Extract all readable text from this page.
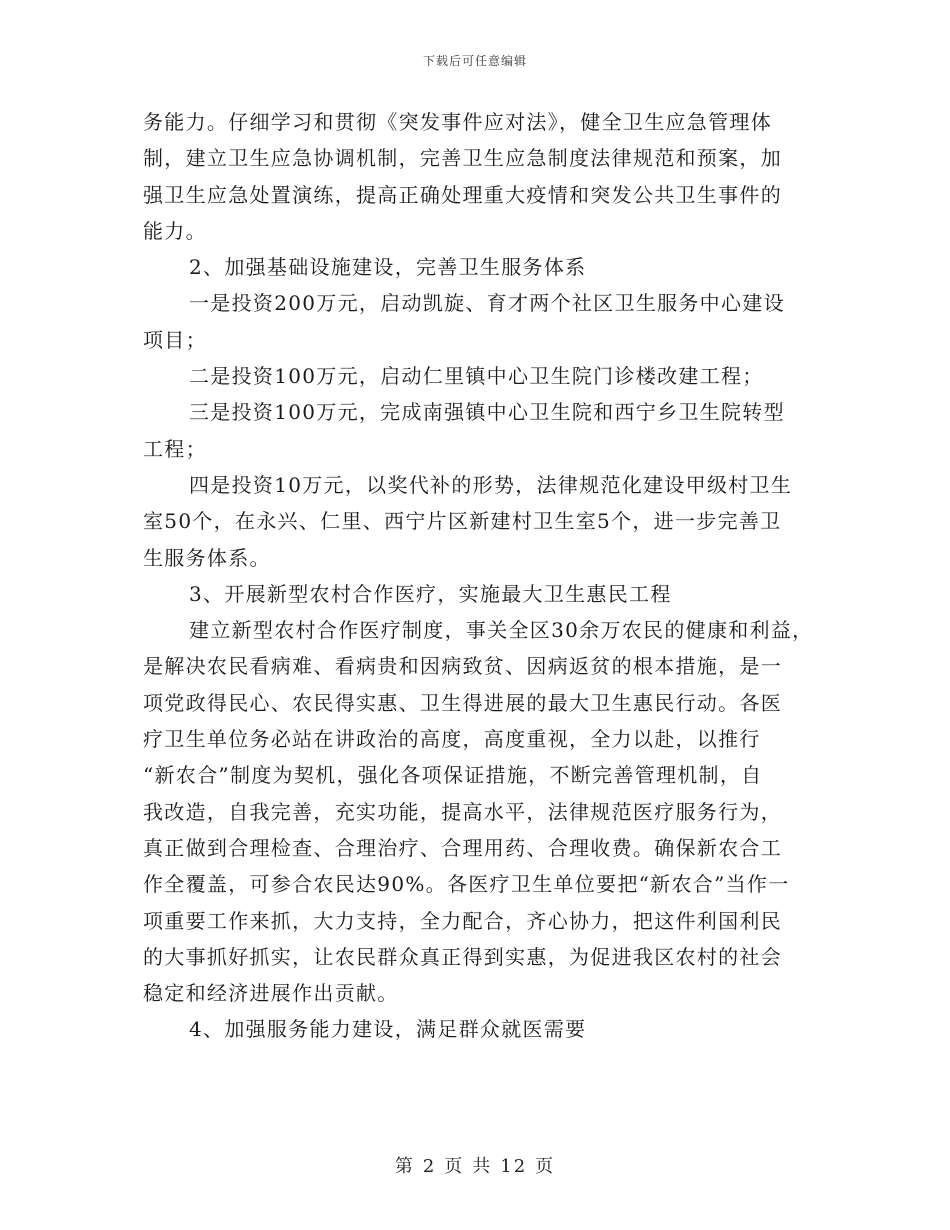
下载后可任意编辑
务能力。仔细学习和贯彻《突发事件应对法》，健全卫生应急管理体
制，建立卫生应急协调机制，完善卫生应急制度法律规范和预案，加
强卫生应急处置演练，提高正确处理重大疫情和突发公共卫生事件的
能力。
2、加强基础设施建设，完善卫生服务体系
一是投资200万元，启动凯旋、育才两个社区卫生服务中心建设
项目；
二是投资100万元，启动仁里镇中心卫生院门诊楼改建工程；
三是投资100万元，完成南强镇中心卫生院和西宁乡卫生院转型
工程；
四是投资10万元，以奖代补的形势，法律规范化建设甲级村卫生
室50个，在永兴、仁里、西宁片区新建村卫生室5个，进一步完善卫
生服务体系。
3、开展新型农村合作医疗，实施最大卫生惠民工程
建立新型农村合作医疗制度，事关全区30余万农民的健康和利益，
是解决农民看病难、看病贵和因病致贫、因病返贫的根本措施，是一
项党政得民心、农民得实惠、卫生得进展的最大卫生惠民行动。各医
疗卫生单位务必站在讲政治的高度，高度重视，全力以赴，以推行
“新农合”制度为契机，强化各项保证措施，不断完善管理机制，自
我改造，自我完善，充实功能，提高水平，法律规范医疗服务行为，
真正做到合理检查、合理治疗、合理用药、合理收费。确保新农合工
作全覆盖，可参合农民达90%。各医疗卫生单位要把“新农合”当作一
项重要工作来抓，大力支持，全力配合，齐心协力，把这件利国利民
的大事抓好抓实，让农民群众真正得到实惠，为促进我区农村的社会
稳定和经济进展作出贡献。
4、加强服务能力建设，满足群众就医需要
第 2 页 共 12 页
